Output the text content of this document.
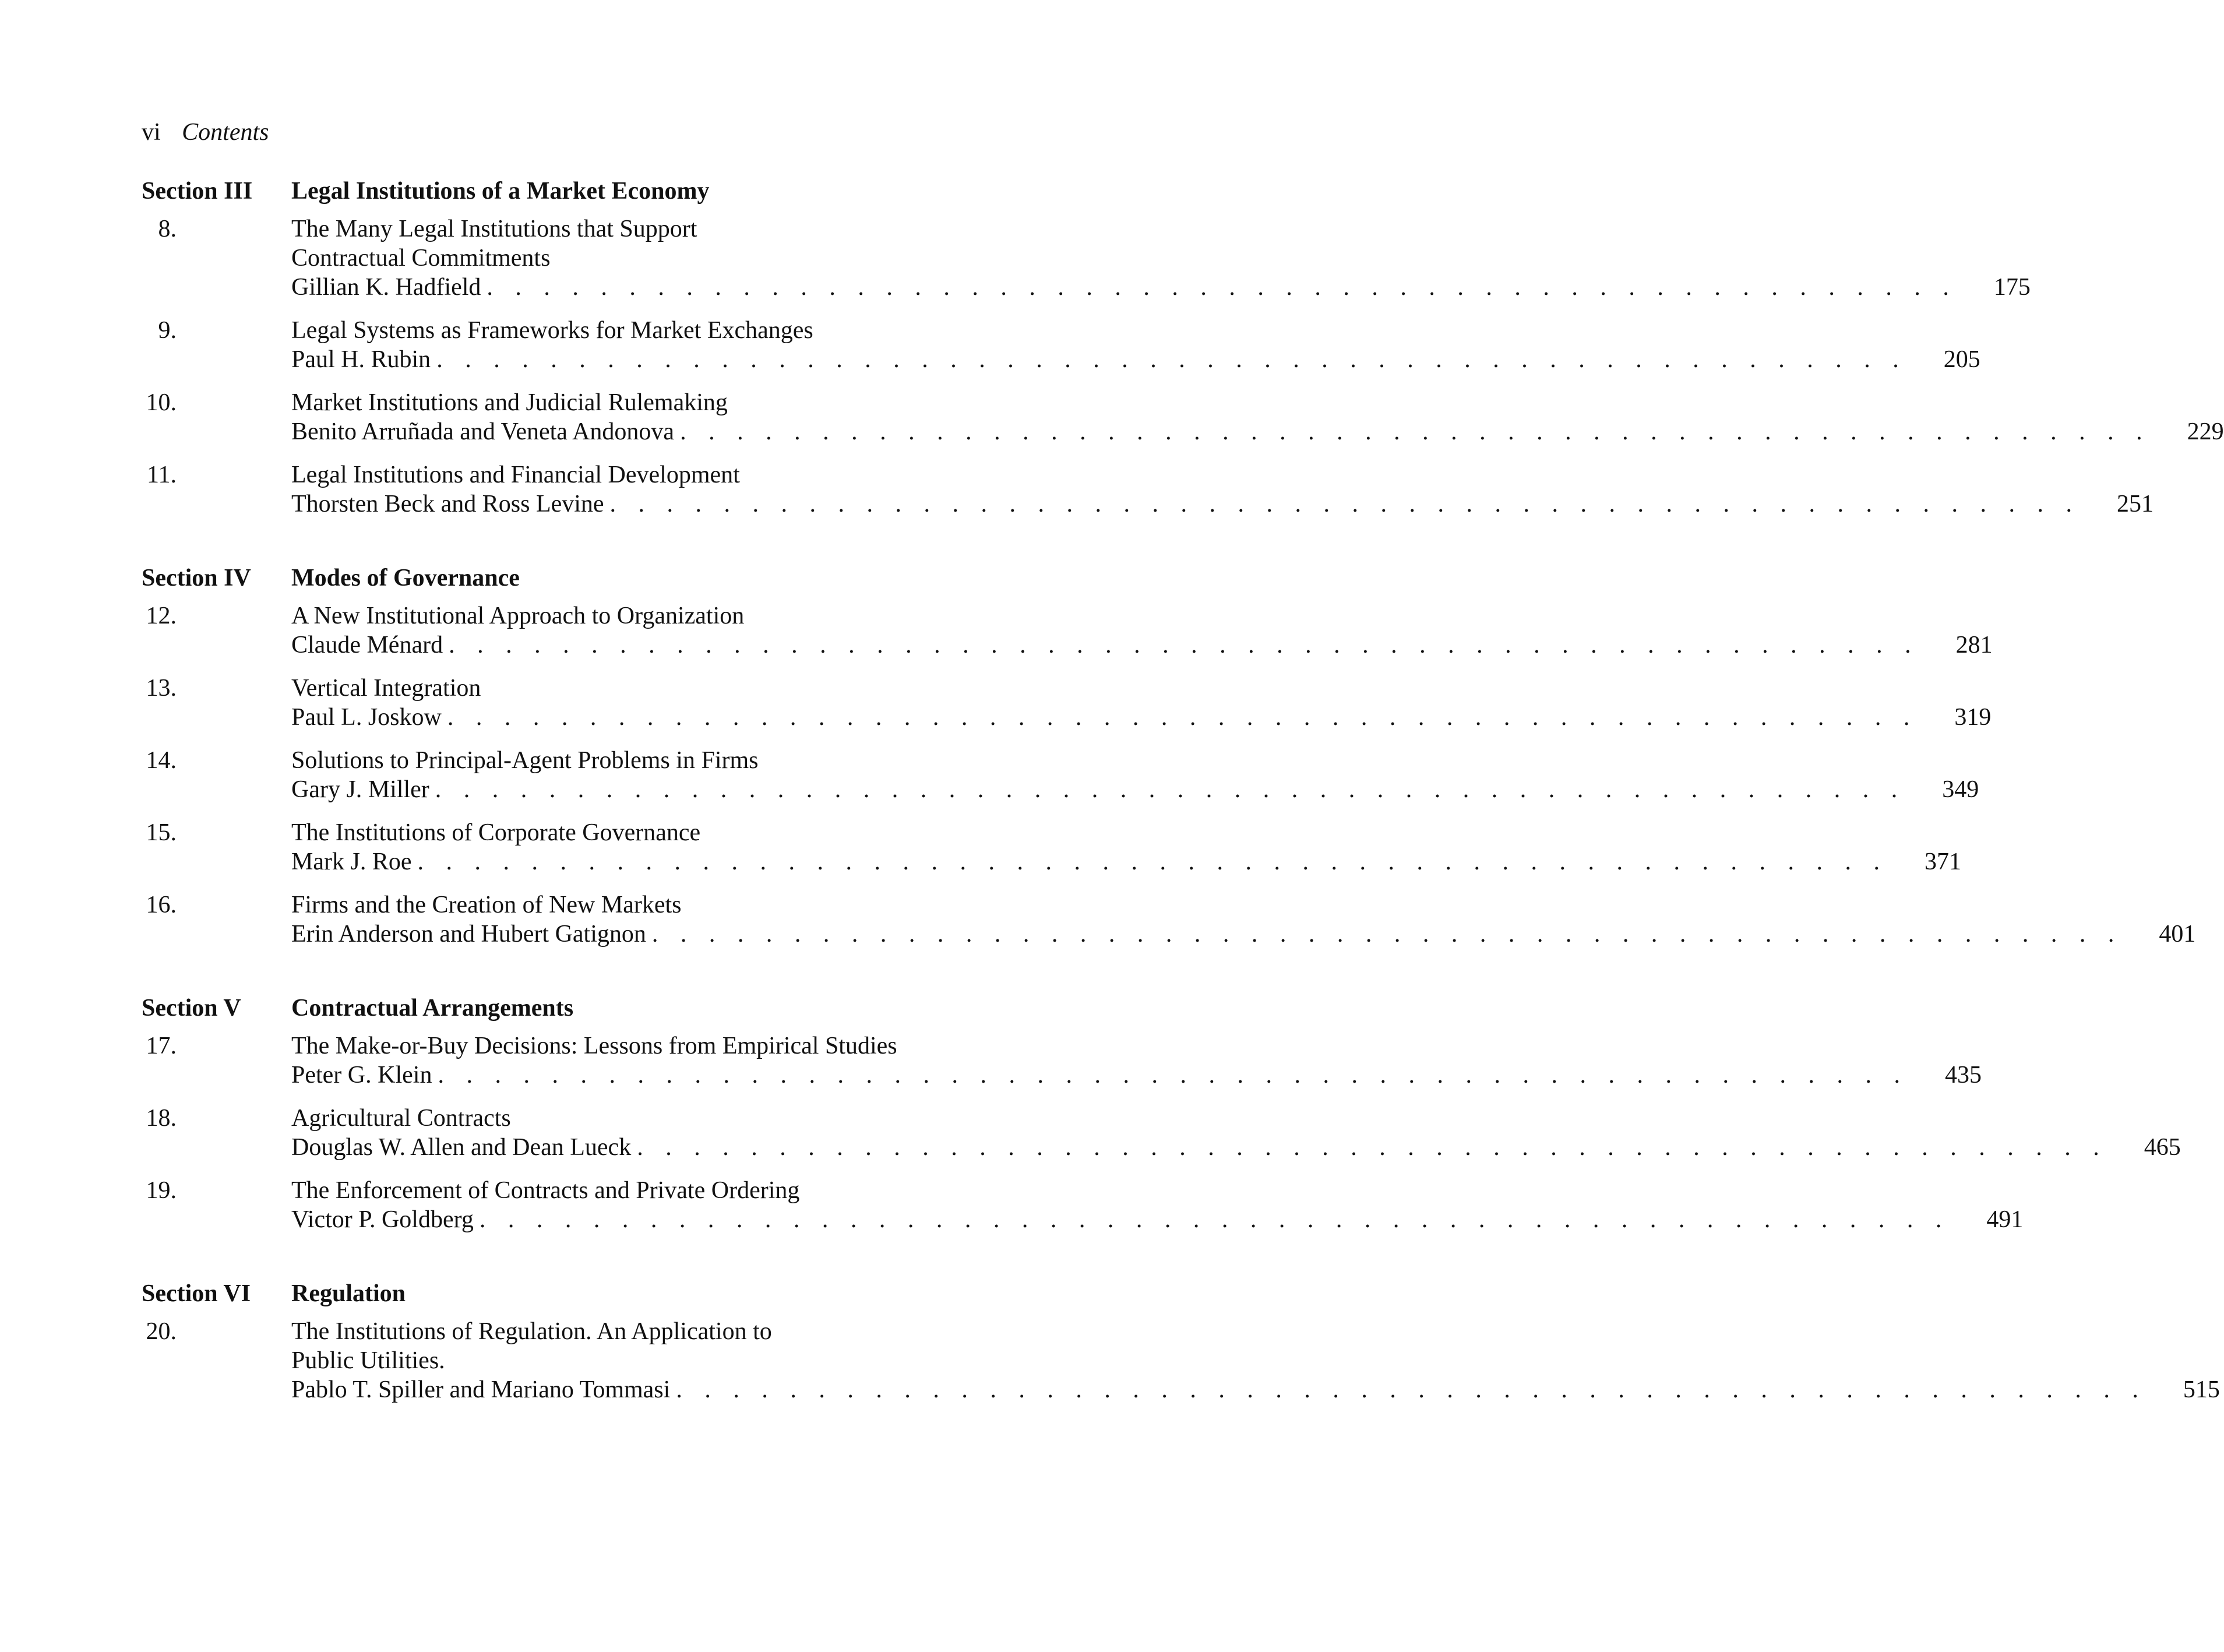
vi Contents
Section III Legal Institutions of a Market Economy
8.	The Many Legal Institutions that Support
Contractual Commitments
Gillian K. Hadfield . . . . . . . . . . . . . . . . . . . . . . . . . . . . . . . . . . . . . . . . . . . . . . . . . . . .	175
9.	Legal Systems as Frameworks for Market Exchanges
Paul H. Rubin . . . . . . . . . . . . . . . . . . . . . . . . . . . . . . . . . . . . . . . . . . . . . . . . . . . .	205
10.	Market Institutions and Judicial Rulemaking
Benito Arruñada and Veneta Andonova . . . . . . . . . . . . . . . . . . . . . . . . . . . . . . . . . . . . . . . . . . . . . . . . . . . .	229
11.	Legal Institutions and Financial Development
Thorsten Beck and Ross Levine . . . . . . . . . . . . . . . . . . . . . . . . . . . . . . . . . . . . . . . . . . . . . . . . . . . .	251
Section IV Modes of Governance
12.	A New Institutional Approach to Organization
Claude Ménard . . . . . . . . . . . . . . . . . . . . . . . . . . . . . . . . . . . . . . . . . . . . . . . . . . . .	281
13.	Vertical Integration
Paul L. Joskow . . . . . . . . . . . . . . . . . . . . . . . . . . . . . . . . . . . . . . . . . . . . . . . . . . . .	319
14.	Solutions to Principal-Agent Problems in Firms
Gary J. Miller . . . . . . . . . . . . . . . . . . . . . . . . . . . . . . . . . . . . . . . . . . . . . . . . . . . .	349
15.	The Institutions of Corporate Governance
Mark J. Roe . . . . . . . . . . . . . . . . . . . . . . . . . . . . . . . . . . . . . . . . . . . . . . . . . . . .	371
16.	Firms and the Creation of New Markets
Erin Anderson and Hubert Gatignon . . . . . . . . . . . . . . . . . . . . . . . . . . . . . . . . . . . . . . . . . . . . . . . . . . . .	401
Section V Contractual Arrangements
17.	The Make-or-Buy Decisions: Lessons from Empirical Studies
Peter G. Klein . . . . . . . . . . . . . . . . . . . . . . . . . . . . . . . . . . . . . . . . . . . . . . . . . . . .	435
18.	Agricultural Contracts
Douglas W. Allen and Dean Lueck . . . . . . . . . . . . . . . . . . . . . . . . . . . . . . . . . . . . . . . . . . . . . . . . . . . .	465
19.	The Enforcement of Contracts and Private Ordering
Victor P. Goldberg . . . . . . . . . . . . . . . . . . . . . . . . . . . . . . . . . . . . . . . . . . . . . . . . . . . .	491
Section VI Regulation
20.	The Institutions of Regulation. An Application to
Public Utilities.
Pablo T. Spiller and Mariano Tommasi . . . . . . . . . . . . . . . . . . . . . . . . . . . . . . . . . . . . . . . . . . . . . . . . . . . .	515
